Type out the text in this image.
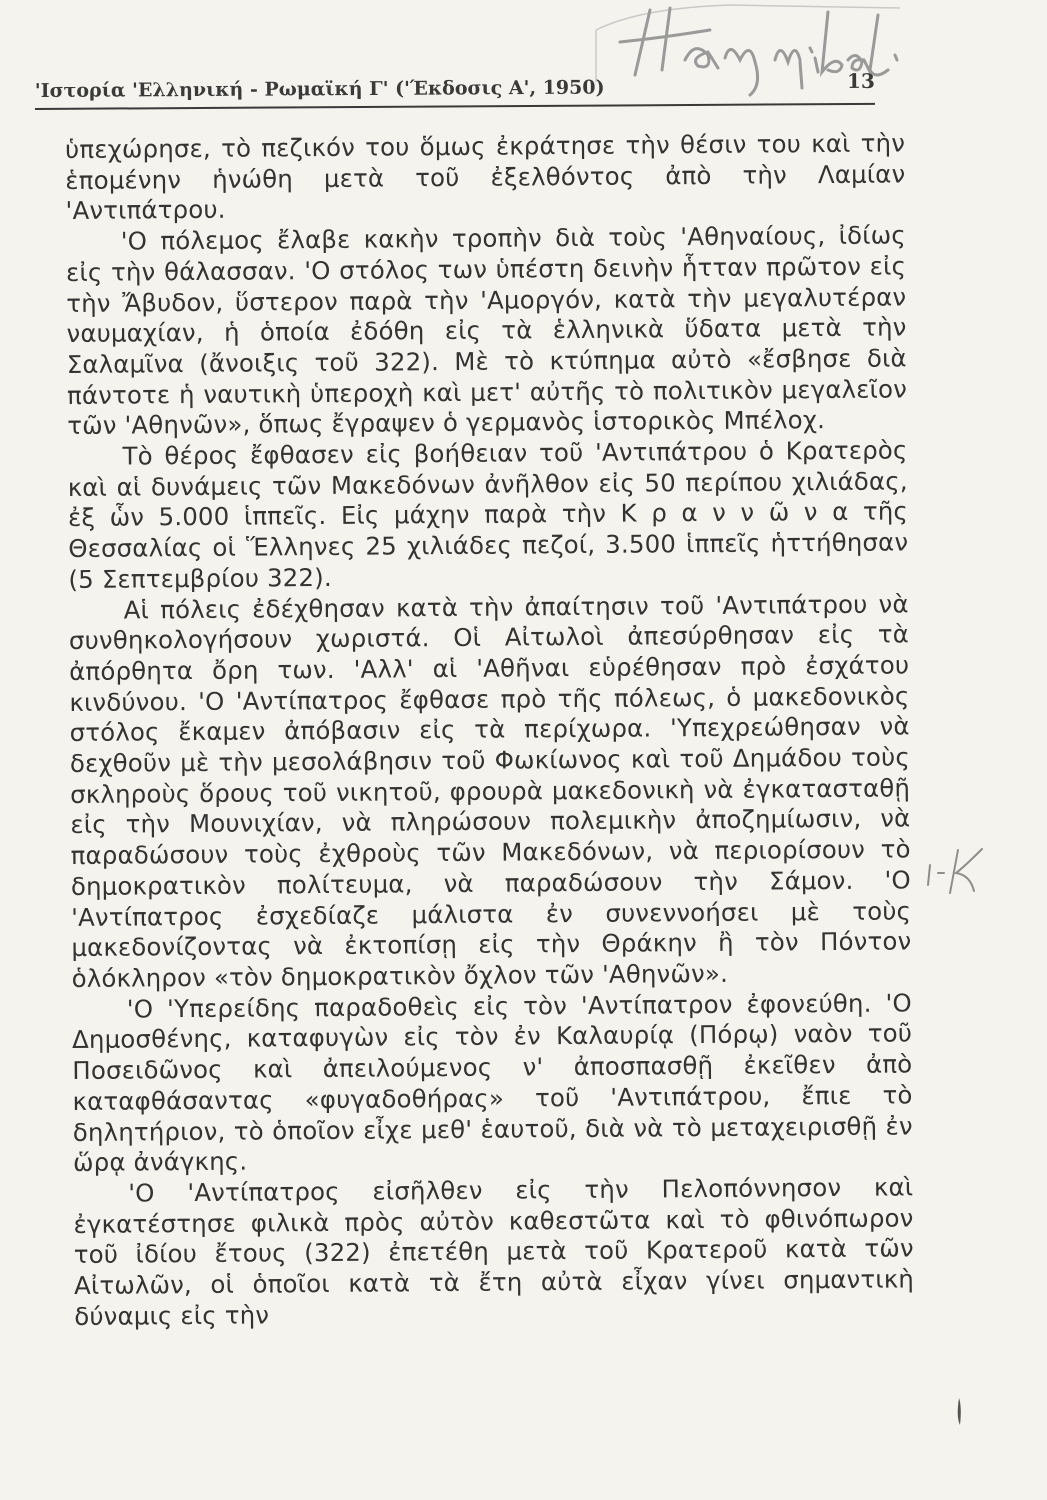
'Ιστορία 'Ελληνική - Ρωμαϊκή Γ' ('Έκδοσις Α', 1950)	13

ὑπεχώρησε, τὸ πεζικόν του ὅμως ἐκράτησε τὴν θέσιν του καὶ τὴν ἑπομένην ἡνώθη μετὰ τοῦ ἐξελθόντος ἀπὸ τὴν Λαμίαν 'Αντιπάτρου.

'Ο πόλεμος ἔλαβε κακὴν τροπὴν διὰ τοὺς 'Αθηναίους, ἰδίως εἰς τὴν θάλασσαν. 'Ο στόλος των ὑπέστη δεινὴν ἧτταν πρῶτον εἰς τὴν Ἄβυδον, ὕστερον παρὰ τὴν 'Αμοργόν, κατὰ τὴν μεγαλυτέραν ναυμαχίαν, ἡ ὁποία ἐδόθη εἰς τὰ ἑλληνικὰ ὕδατα μετὰ τὴν Σαλαμῖνα (ἄνοιξις τοῦ 322). Μὲ τὸ κτύπημα αὐτὸ «ἔσβησε διὰ πάντοτε ἡ ναυτικὴ ὑπεροχὴ καὶ μετ' αὐτῆς τὸ πολιτικὸν μεγαλεῖον τῶν 'Αθηνῶν», ὅπως ἔγραψεν ὁ γερμανὸς ἱστορικὸς Μπέλοχ.

Τὸ θέρος ἔφθασεν εἰς βοήθειαν τοῦ 'Αντιπάτρου ὁ Κρατερὸς καὶ αἱ δυνάμεις τῶν Μακεδόνων ἀνῆλθον εἰς 50 περίπου χιλιάδας, ἐξ ὧν 5.000 ἱππεῖς. Εἰς μάχην παρὰ τὴν Κ ρ α ν ν ῶ ν α τῆς Θεσσαλίας οἱ Ἕλληνες 25 χιλιάδες πεζοί, 3.500 ἱππεῖς ἡττήθησαν (5 Σεπτεμβρίου 322).

Αἱ πόλεις ἐδέχθησαν κατὰ τὴν ἀπαίτησιν τοῦ 'Αντιπάτρου νὰ συνθηκολογήσουν χωριστά. Οἱ Αἰτωλοὶ ἀπεσύρθησαν εἰς τὰ ἀπόρθητα ὄρη των. 'Αλλ' αἱ 'Αθῆναι εὑρέθησαν πρὸ ἐσχάτου κινδύνου. 'Ο 'Αντίπατρος ἔφθασε πρὸ τῆς πόλεως, ὁ μακεδονικὸς στόλος ἔκαμεν ἀπόβασιν εἰς τὰ περίχωρα. 'Υπεχρεώθησαν νὰ δεχθοῦν μὲ τὴν μεσολάβησιν τοῦ Φωκίωνος καὶ τοῦ Δημάδου τοὺς σκληροὺς ὅρους τοῦ νικητοῦ, φρουρὰ μακεδονικὴ νὰ ἐγκατασταθῇ εἰς τὴν Μουνιχίαν, νὰ πληρώσουν πολεμικὴν ἀποζημίωσιν, νὰ παραδώσουν τοὺς ἐχθροὺς τῶν Μακεδόνων, νὰ περιορίσουν τὸ δημοκρατικὸν πολίτευμα, νὰ παραδώσουν τὴν Σάμον. 'Ο 'Αντίπατρος ἐσχεδίαζε μάλιστα ἐν συνεννοήσει μὲ τοὺς μακεδονίζοντας νὰ ἐκτοπίσῃ εἰς τὴν Θράκην ἢ τὸν Πόντον ὁλόκληρον «τὸν δημοκρατικὸν ὄχλον τῶν 'Αθηνῶν».

'Ο 'Υπερείδης παραδοθεὶς εἰς τὸν 'Αντίπατρον ἐφονεύθη. 'Ο Δημοσθένης, καταφυγὼν εἰς τὸν ἐν Καλαυρίᾳ (Πόρῳ) ναὸν τοῦ Ποσειδῶνος καὶ ἀπειλούμενος ν' ἀποσπασθῇ ἐκεῖθεν ἀπὸ καταφθάσαντας «φυγαδοθήρας» τοῦ 'Αντιπάτρου, ἔπιε τὸ δηλητήριον, τὸ ὁποῖον εἶχε μεθ' ἑαυτοῦ, διὰ νὰ τὸ μεταχειρισθῇ ἐν ὥρᾳ ἀνάγκης.

'Ο 'Αντίπατρος εἰσῆλθεν εἰς τὴν Πελοπόννησον καὶ ἐγκατέστησε φιλικὰ πρὸς αὐτὸν καθεστῶτα καὶ τὸ φθινόπωρον τοῦ ἰδίου ἔτους (322) ἐπετέθη μετὰ τοῦ Κρατεροῦ κατὰ τῶν Αἰτωλῶν, οἱ ὁποῖοι κατὰ τὰ ἔτη αὐτὰ εἶχαν γίνει σημαντικὴ δύναμις εἰς τὴν
